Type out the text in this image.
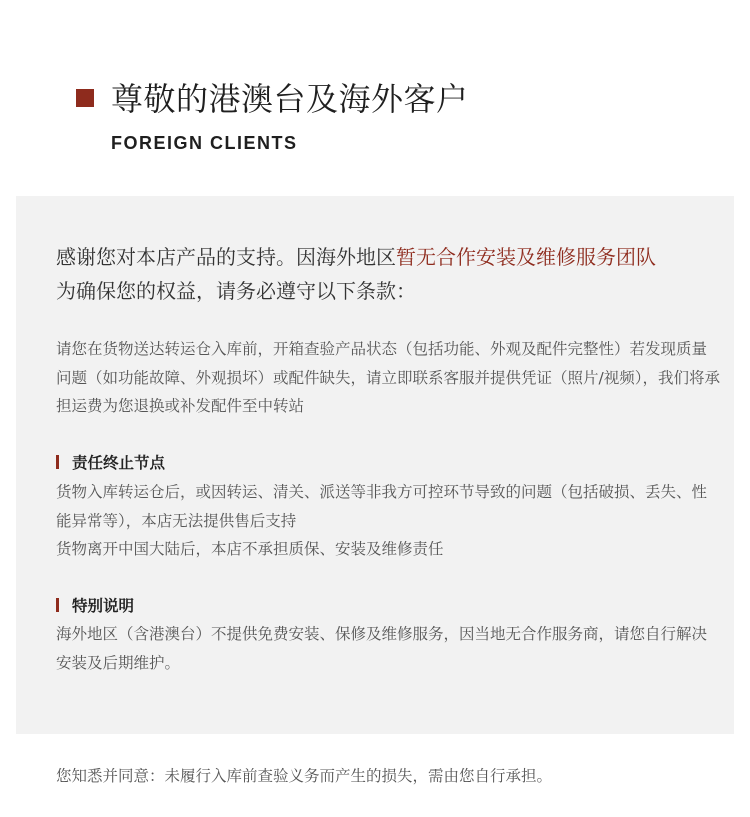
尊敬的港澳台及海外客户
FOREIGN CLIENTS

感谢您对本店产品的支持。因海外地区暂无合作安装及维修服务团队
为确保您的权益，请务必遵守以下条款：

请您在货物送达转运仓入库前，开箱查验产品状态（包括功能、外观及配件完整性）若发现质量问题（如功能故障、外观损坏）或配件缺失，请立即联系客服并提供凭证（照片/视频），我们将承担运费为您退换或补发配件至中转站

责任终止节点

货物入库转运仓后，或因转运、清关、派送等非我方可控环节导致的问题（包括破损、丢失、性能异常等），本店无法提供售后支持
货物离开中国大陆后，本店不承担质保、安装及维修责任

特别说明

海外地区（含港澳台）不提供免费安装、保修及维修服务，因当地无合作服务商，请您自行解决安装及后期维护。

您知悉并同意：未履行入库前查验义务而产生的损失，需由您自行承担。
